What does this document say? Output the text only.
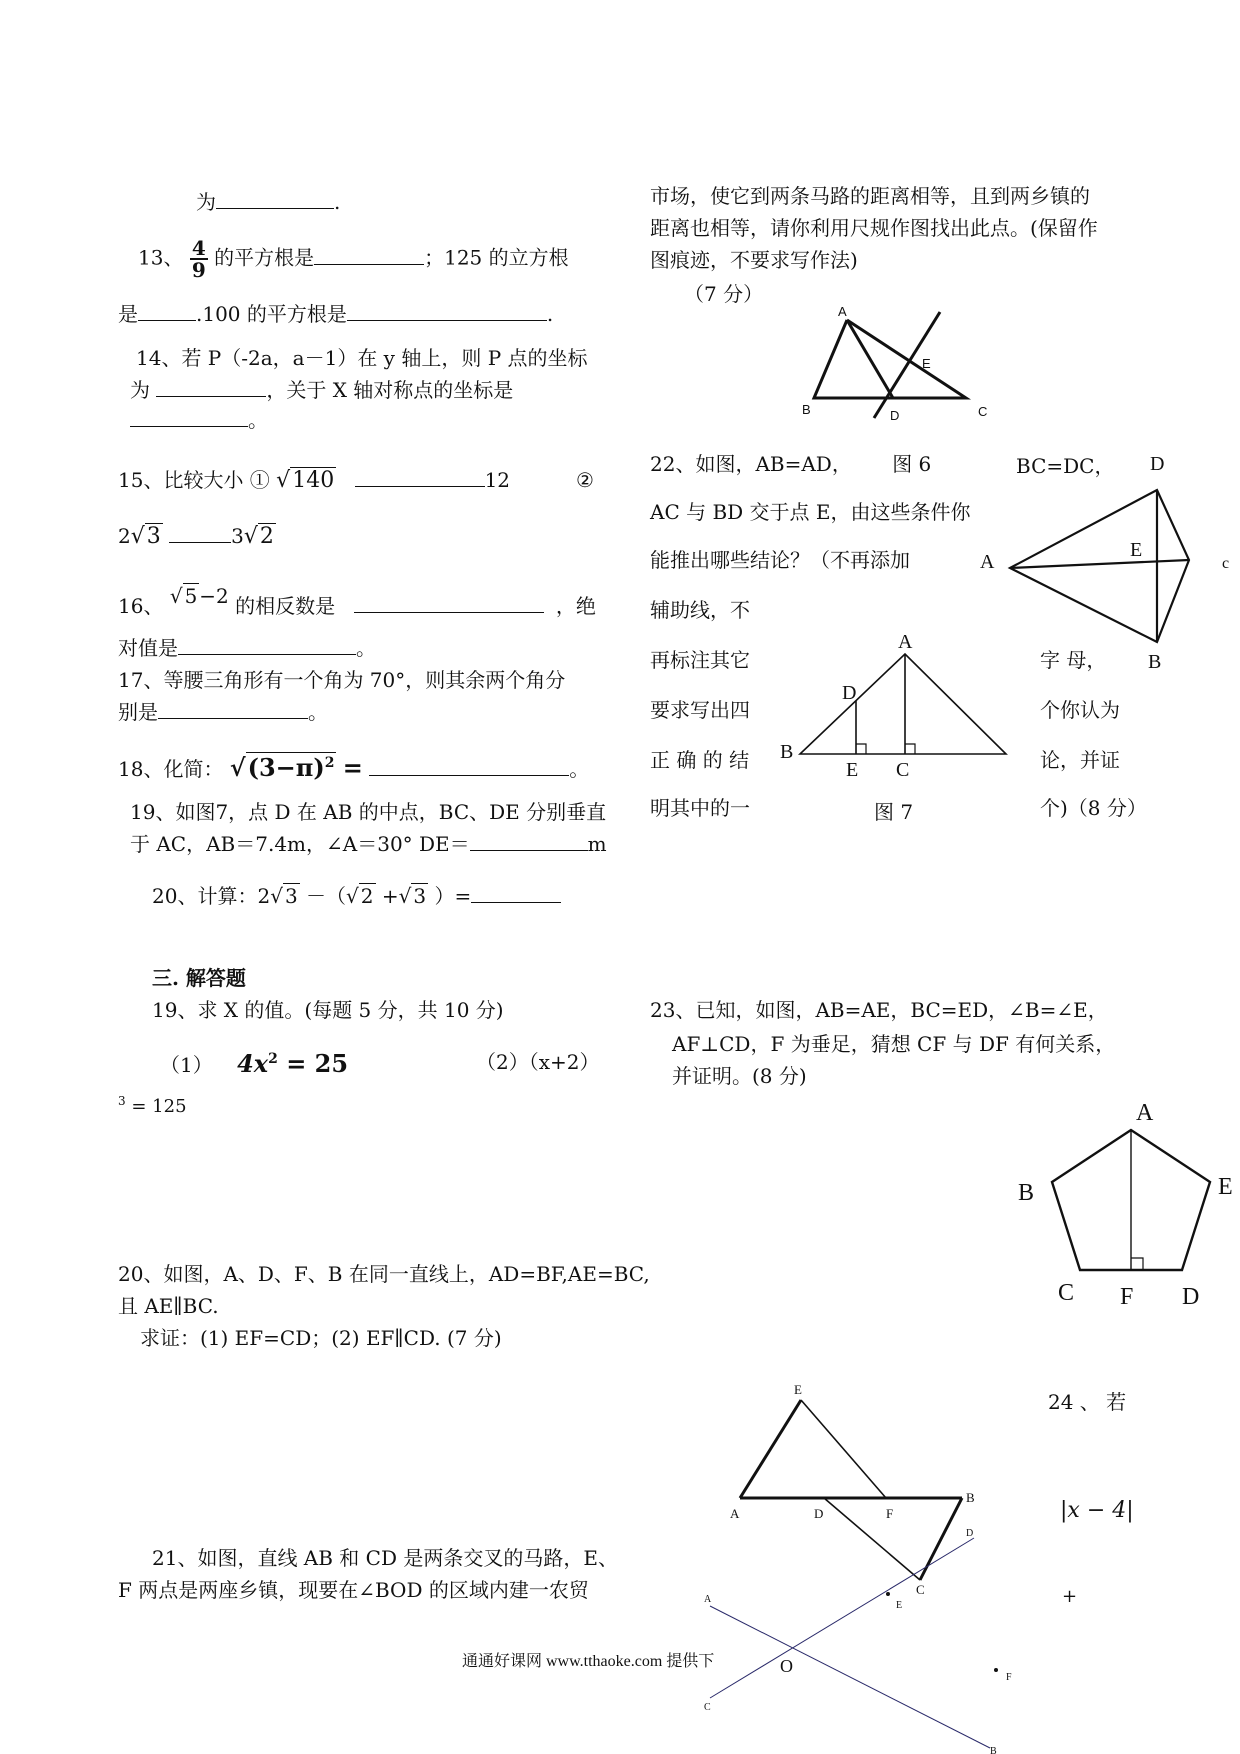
为	.
13、 $\frac{4}{9}$ 的平方根是	；125 的立方根
是	.100 的平方根是	.
14、若 P（-2a，a－1）在 y 轴上，则 P 点的坐标
为	，关于 X 轴对称点的坐标是
。
15、比较大小 ① √140	12	②
2√3	3√2
16、 √ 5 −2 的相反数是	，绝
对值是	。
17、等腰三角形有一个角为 70°，则其余两个角分
别是	。
18、化简： $√(3-\pi)^2$ =	。
19、如图7，点 D 在 AB 的中点，BC、DE 分别垂直
于 AC，AB＝7.4m，∠A＝30° DE＝	m
20、计算：2√ 3 －（√ 2 +√ 3 ）=
三. 解答题
19、求 X 的值。(每题 5 分，共 10 分)
（1） $4x^2 = 25$	（2）（x+2）
$^3$ = 125
20、如图，A、D、F、B 在同一直线上，AD=BF,AE=BC,
且 AE∥BC.
求证：(1) EF=CD；(2) EF∥CD. (7 分)
21、如图，直线 AB 和 CD 是两条交叉的马路，E、
F 两点是两座乡镇，现要在∠BOD 的区域内建一农贸
市场，使它到两条马路的距离相等，且到两乡镇的
距离也相等，请你利用尺规作图找出此点。(保留作
图痕迹，不要求写作法)
（7 分）
A
B	D	C
E
22、如图，AB=AD， 图 6	BC=DC，
AC 与 BD 交于点 E，由这些条件你
能推出哪些结论？（不再添加
辅助线，不
再标注其它	字 母，
要求写出四	个你认为
正 确 的 结	论，并证
明其中的一	个)（8 分）
D
A
E
c
B
A
D
B
E C
图 7
23、已知，如图，AB=AE，BC=ED，∠B=∠E，
AF⊥CD，F 为垂足，猜想 CF 与 DF 有何关系，
并证明。(8 分)
A
B	E
C F D
24 、 若
E
A	D	F
B
C
D
E
A
O
C
F
B
|x − 4|
+
通通好课网 www.tthaoke.com 提供下
